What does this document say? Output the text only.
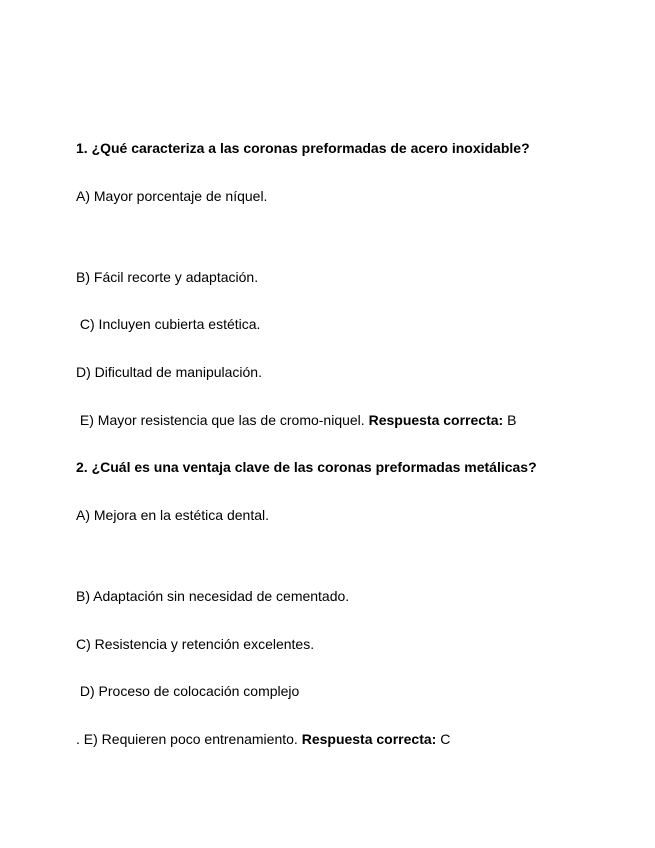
1. ¿Qué caracteriza a las coronas preformadas de acero inoxidable?
A) Mayor porcentaje de níquel.
B) Fácil recorte y adaptación.
C) Incluyen cubierta estética.
D) Dificultad de manipulación.
E) Mayor resistencia que las de cromo-niquel. Respuesta correcta: B
2. ¿Cuál es una ventaja clave de las coronas preformadas metálicas?
A) Mejora en la estética dental.
B) Adaptación sin necesidad de cementado.
C) Resistencia y retención excelentes.
D) Proceso de colocación complejo
. E) Requieren poco entrenamiento. Respuesta correcta: C
